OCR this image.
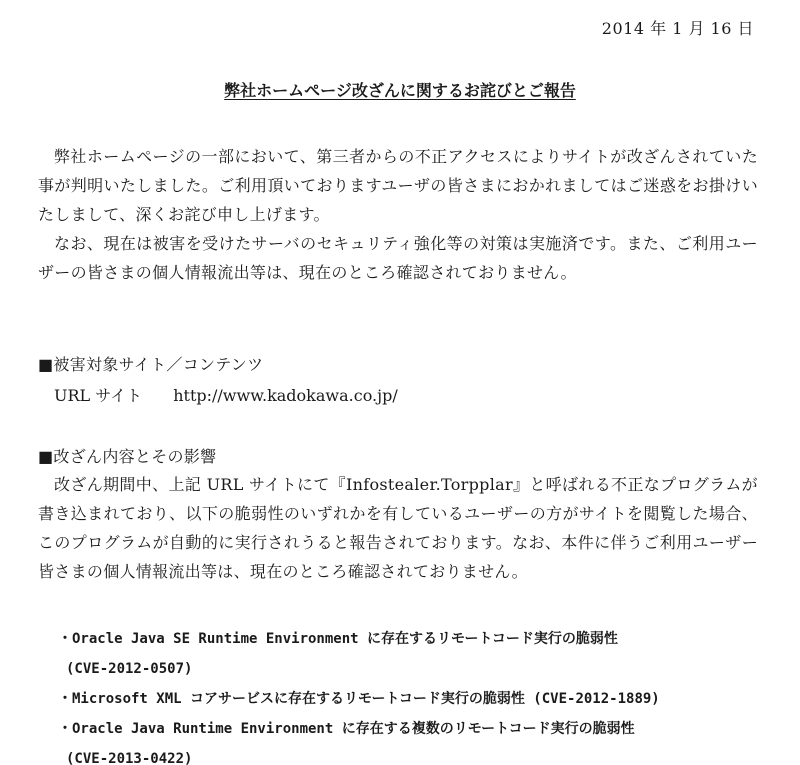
2014 年 1 月 16 日
弊社ホームページ改ざんに関するお詫びとご報告

弊社ホームページの一部において、第三者からの不正アクセスによりサイトが改ざんされていた事が判明いたしました。ご利用頂いておりますユーザの皆さまにおかれましてはご迷惑をお掛けいたしまして、深くお詫び申し上げます。

なお、現在は被害を受けたサーバのセキュリティ強化等の対策は実施済です。また、ご利用ユーザーの皆さまの個人情報流出等は、現在のところ確認されておりません。

■被害対象サイト／コンテンツ
URL サイト http://www.kadokawa.co.jp/
■改ざん内容とその影響

改ざん期間中、上記 URL サイトにて『Infostealer.Torpplar』と呼ばれる不正なプログラムが書き込まれており、以下の脆弱性のいずれかを有しているユーザーの方がサイトを閲覧した場合、このプログラムが自動的に実行されうると報告されております。なお、本件に伴うご利用ユーザー皆さまの個人情報流出等は、現在のところ確認されておりません。

・Oracle Java SE Runtime Environment に存在するリモートコード実行の脆弱性
(CVE-2012-0507)
・Microsoft XML コアサービスに存在するリモートコード実行の脆弱性 (CVE-2012-1889)
・Oracle Java Runtime Environment に存在する複数のリモートコード実行の脆弱性
(CVE-2013-0422)
